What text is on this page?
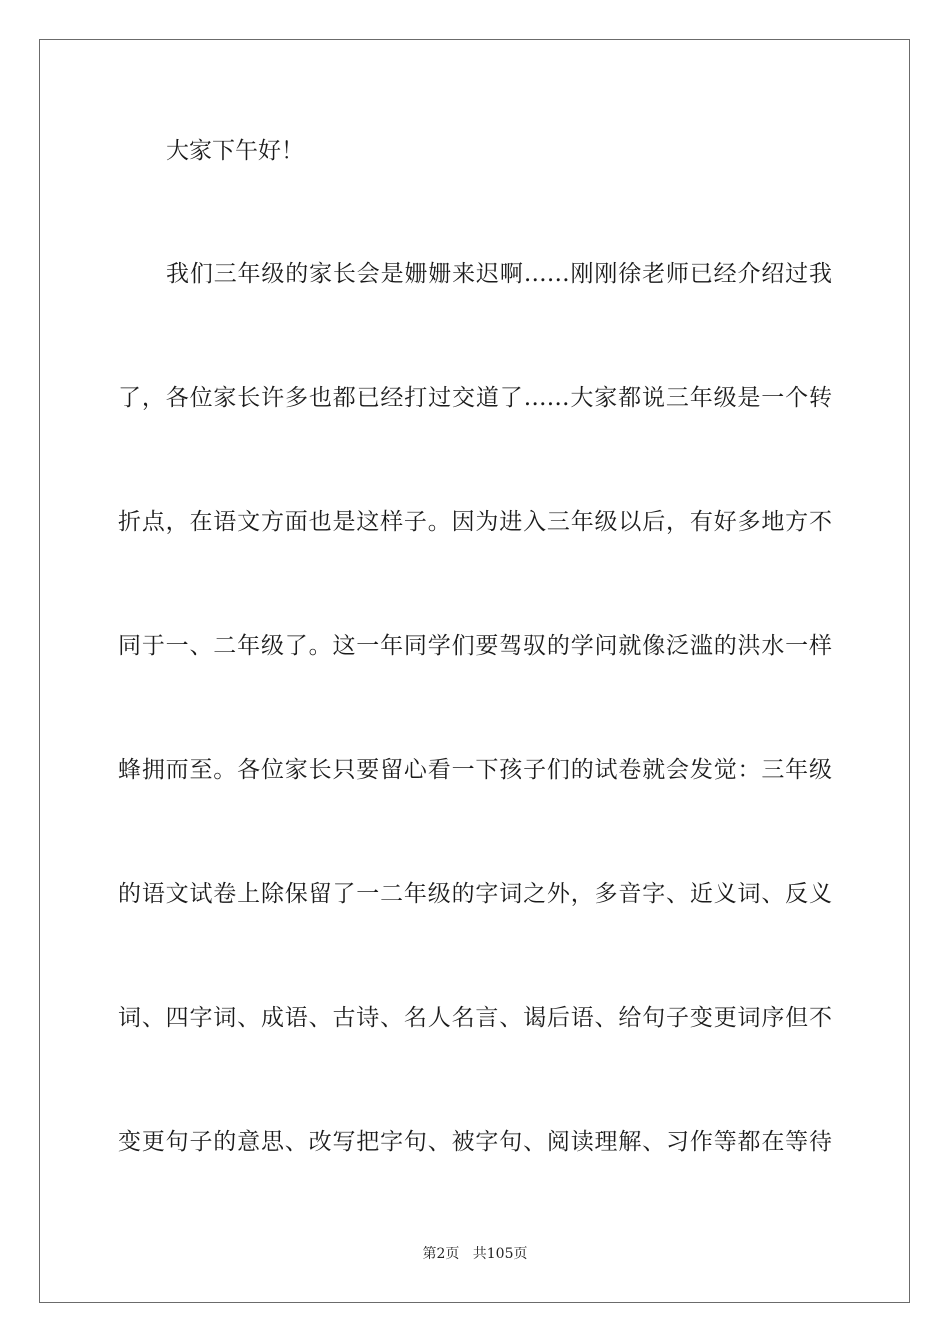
大家下午好！
我们三年级的家长会是姗姗来迟啊……刚刚徐老师已经介绍过我
了，各位家长许多也都已经打过交道了……大家都说三年级是一个转
折点，在语文方面也是这样子。因为进入三年级以后，有好多地方不
同于一、二年级了。这一年同学们要驾驭的学问就像泛滥的洪水一样
蜂拥而至。各位家长只要留心看一下孩子们的试卷就会发觉：三年级
的语文试卷上除保留了一二年级的字词之外，多音字、近义词、反义
词、四字词、成语、古诗、名人名言、谒后语、给句子变更词序但不
变更句子的意思、改写把字句、被字句、阅读理解、习作等都在等待
第2页 共105页
